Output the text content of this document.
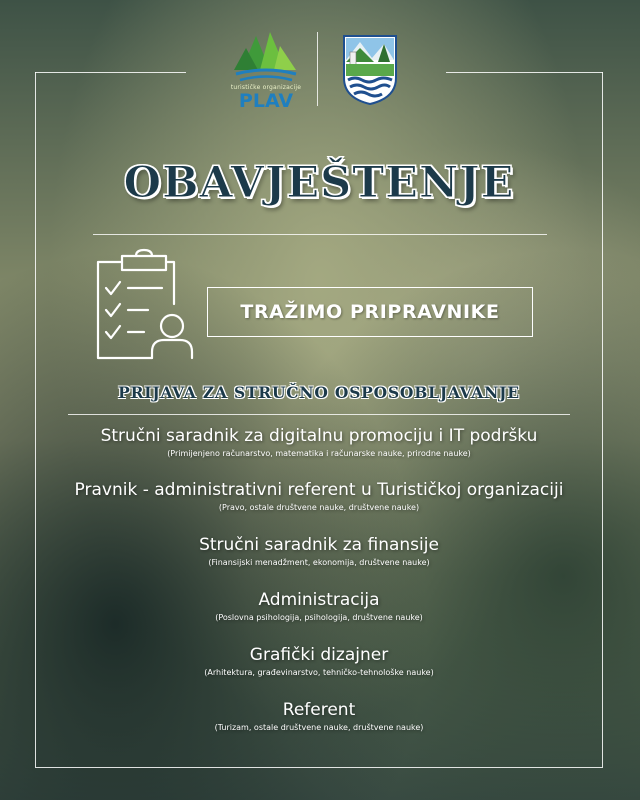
turističke organizacije
PLAV
OBAVJEŠTENJE
TRAŽIMO PRIPRAVNIKE
PRIJAVA ZA STRUČNO OSPOSOBLJAVANJE
Stručni saradnik za digitalnu promociju i IT podršku
(Primijenjeno računarstvo, matematika i računarske nauke, prirodne nauke)
Pravnik - administrativni referent u Turističkoj organizaciji
(Pravo, ostale društvene nauke, društvene nauke)
Stručni saradnik za finansije
(Finansijski menadžment, ekonomija, društvene nauke)
Administracija
(Poslovna psihologija, psihologija, društvene nauke)
Grafički dizajner
(Arhitektura, građevinarstvo, tehničko-tehnološke nauke)
Referent
(Turizam, ostale društvene nauke, društvene nauke)
